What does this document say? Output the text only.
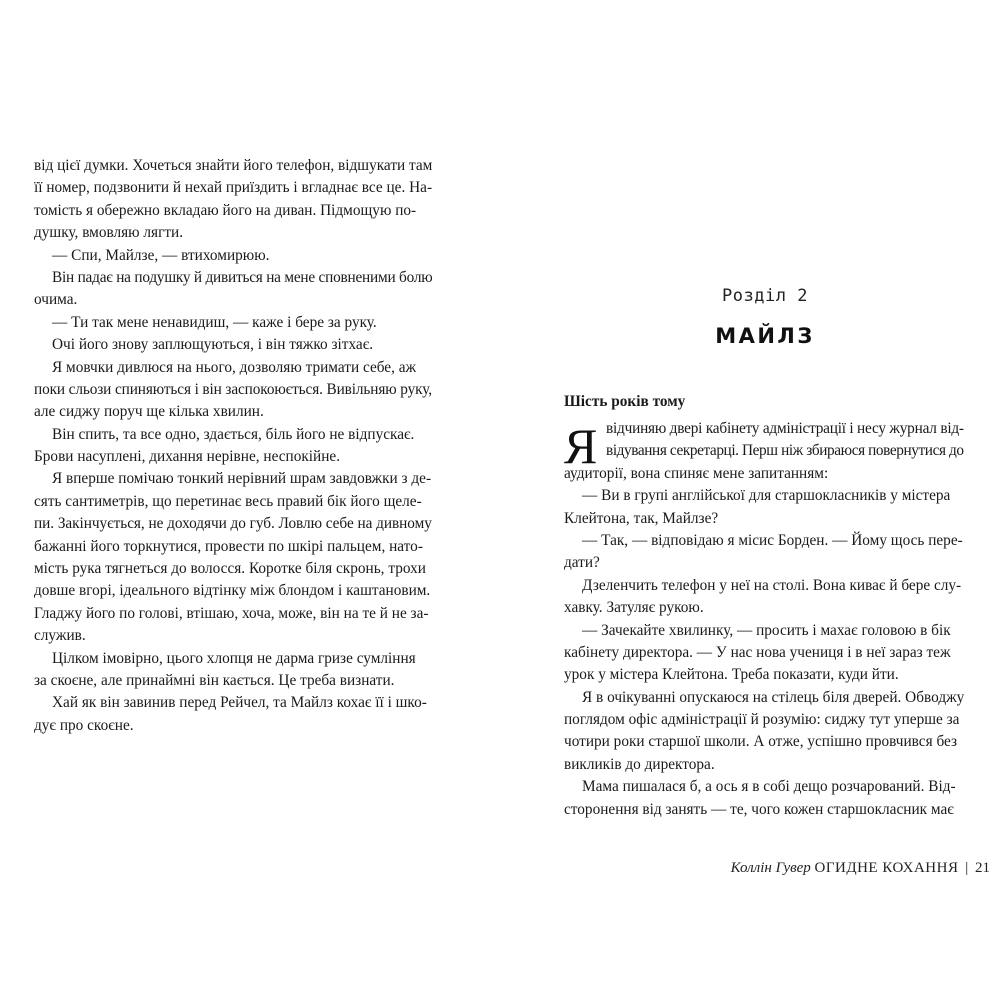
від цієї думки. Хочеться знайти його телефон, відшукати там
її номер, подзвонити й нехай приїздить і вгладнає все це. На-
томість я обережно вкладаю його на диван. Підмощую по-
душку, вмовляю лягти.
— Спи, Майлзе, — втихомирюю.
Він падає на подушку й дивиться на мене сповненими болю
очима.
— Ти так мене ненавидиш, — каже і бере за руку.
Очі його знову заплющуються, і він тяжко зітхає.
Я мовчки дивлюся на нього, дозволяю тримати себе, аж
поки сльози спиняються і він заспокоюється. Вивільняю руку,
але сиджу поруч ще кілька хвилин.
Він спить, та все одно, здається, біль його не відпускає.
Брови насуплені, дихання нерівне, неспокійне.
Я вперше помічаю тонкий нерівний шрам завдовжки з де-
сять сантиметрів, що перетинає весь правий бік його щеле-
пи. Закінчується, не доходячи до губ. Ловлю себе на дивному
бажанні його торкнутися, провести по шкірі пальцем, нато-
мість рука тягнеться до волосся. Коротке біля скронь, трохи
довше вгорі, ідеального відтінку між блондом і каштановим.
Гладжу його по голові, втішаю, хоча, може, він на те й не за-
служив.
Цілком імовірно, цього хлопця не дарма гризе сумління
за скоєне, але принаймні він кається. Це треба визнати.
Хай як він завинив перед Рейчел, та Майлз кохає її і шко-
дує про скоєне.
Розділ 2
МАЙЛЗ
Шість років тому
Я відчиняю двері кабінету адміністрації і несу журнал від-
відування секретарці. Перш ніж збираюся повернутися до
аудиторії, вона спиняє мене запитанням:
— Ви в групі англійської для старшокласників у містера
Клейтона, так, Майлзе?
— Так, — відповідаю я місис Борден. — Йому щось пере-
дати?
Дзеленчить телефон у неї на столі. Вона киває й бере слу-
хавку. Затуляє рукою.
— Зачекайте хвилинку, — просить і махає головою в бік
кабінету директора. — У нас нова учениця і в неї зараз теж
урок у містера Клейтона. Треба показати, куди йти.
Я в очікуванні опускаюся на стілець біля дверей. Обводжу
поглядом офіс адміністрації й розумію: сиджу тут уперше за
чотири роки старшої школи. А отже, успішно провчився без
викликів до директора.
Мама пишалася б, а ось я в собі дещо розчарований. Від-
сторонення від занять — те, чого кожен старшокласник має
Коллін Гувер ОГИДНЕ КОХАННЯ | 21
